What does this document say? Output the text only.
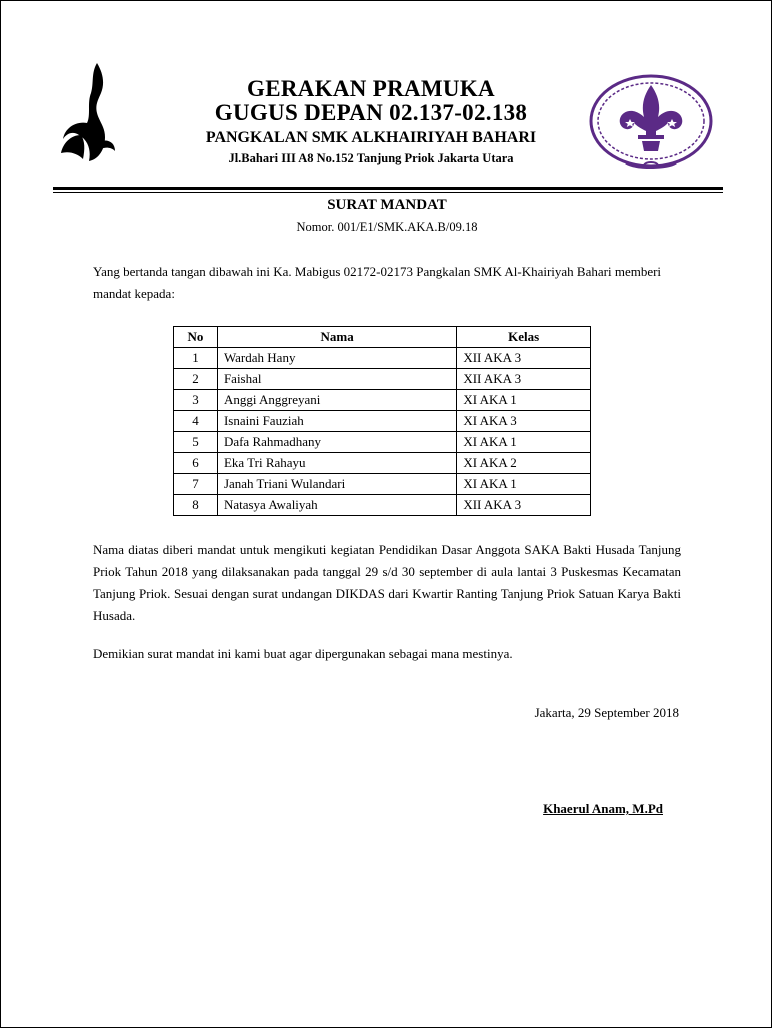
GERAKAN PRAMUKA
GUGUS DEPAN 02.137-02.138
PANGKALAN SMK ALKHAIRIYAH BAHARI
Jl.Bahari III A8 No.152 Tanjung Priok Jakarta Utara
SURAT MANDAT
Nomor. 001/E1/SMK.AKA.B/09.18
Yang bertanda tangan dibawah ini Ka. Mabigus 02172-02173 Pangkalan SMK Al-Khairiyah Bahari memberi mandat kepada:
No	Nama	Kelas
1	Wardah Hany	XII AKA 3
2	Faishal	XII AKA 3
3	Anggi Anggreyani	XI AKA 1
4	Isnaini Fauziah	XI AKA 3
5	Dafa Rahmadhany	XI AKA 1
6	Eka Tri Rahayu	XI AKA 2
7	Janah Triani Wulandari	XI AKA 1
8	Natasya Awaliyah	XII AKA 3
Nama diatas diberi mandat untuk mengikuti kegiatan Pendidikan Dasar Anggota SAKA Bakti Husada Tanjung Priok Tahun 2018 yang dilaksanakan pada tanggal 29 s/d 30 september di aula lantai 3 Puskesmas Kecamatan Tanjung Priok. Sesuai dengan surat undangan DIKDAS dari Kwartir Ranting Tanjung Priok Satuan Karya Bakti Husada.
Demikian surat mandat ini kami buat agar dipergunakan sebagai mana mestinya.
Jakarta, 29 September 2018
Khaerul Anam, M.Pd
